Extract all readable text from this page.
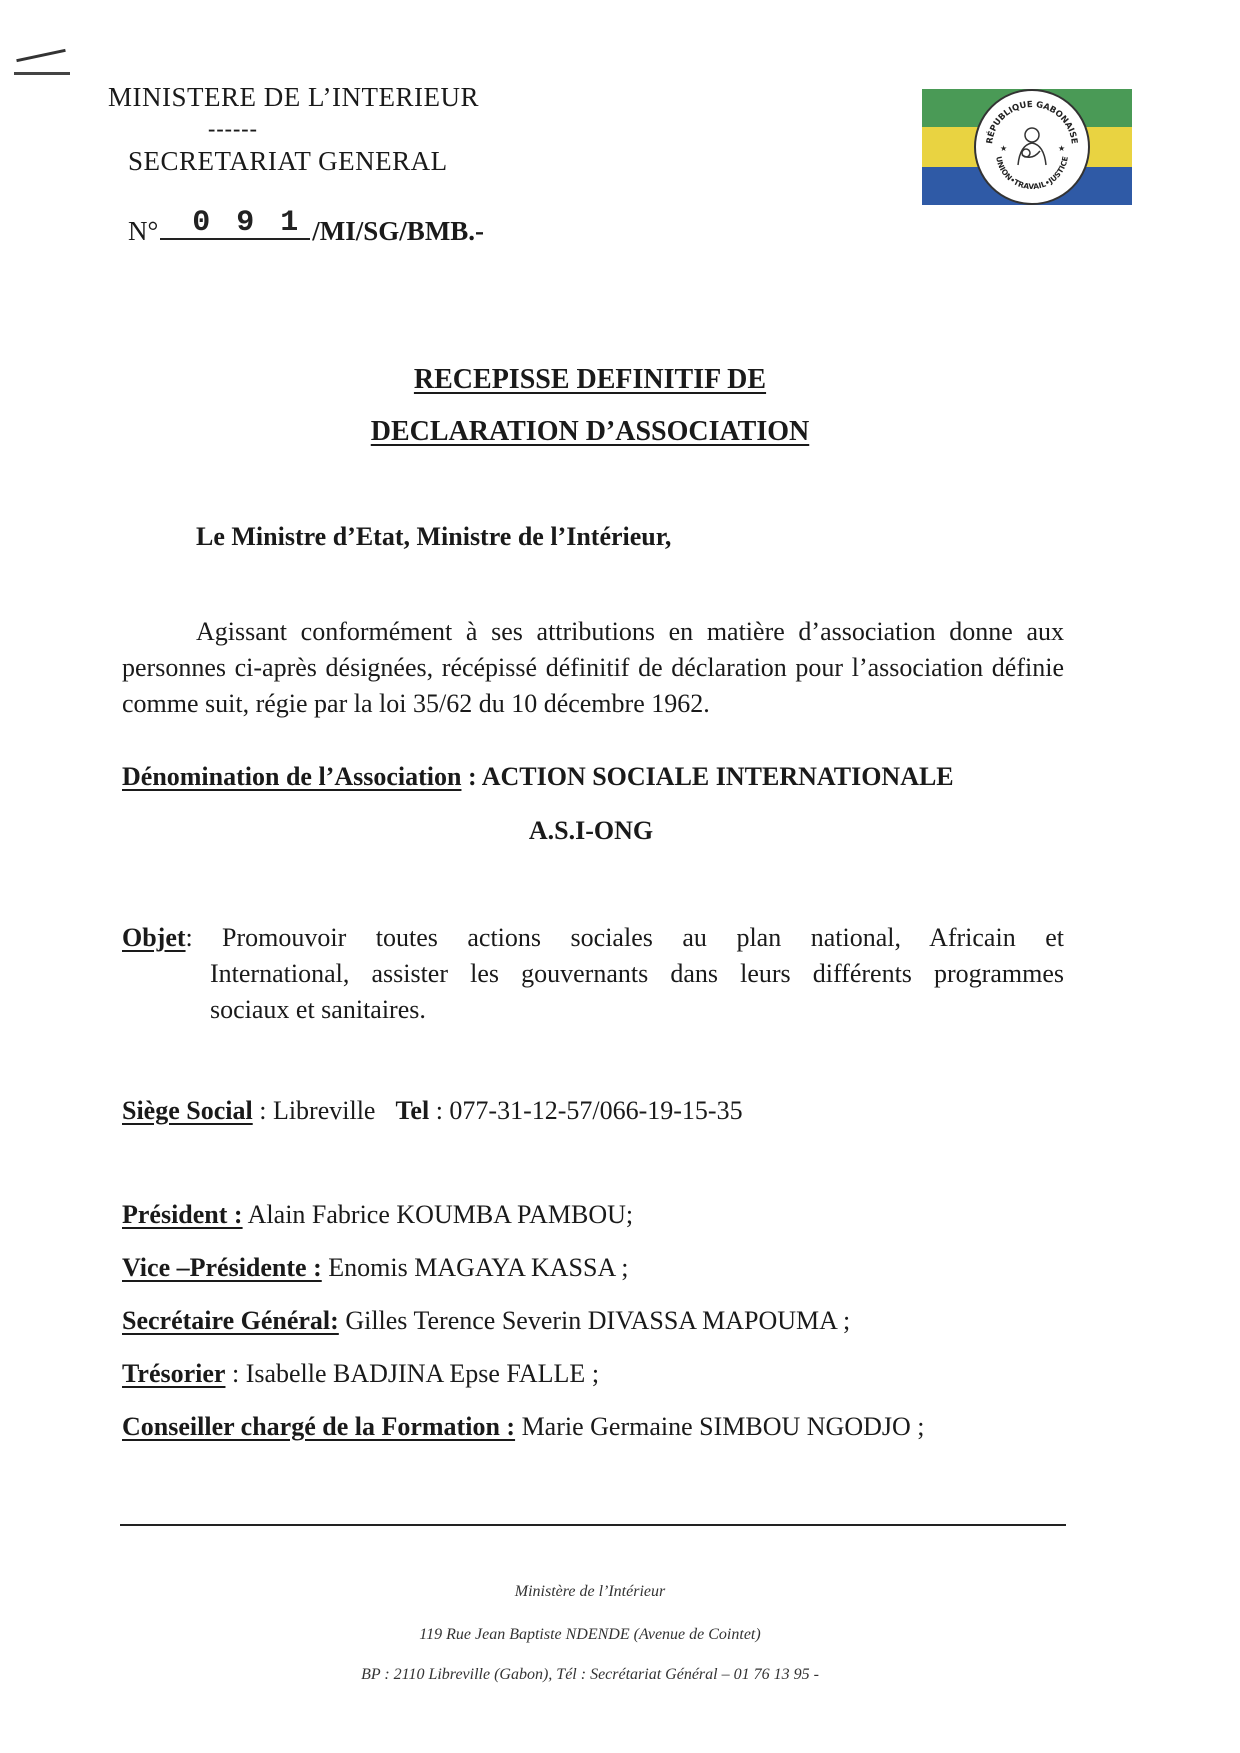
MINISTERE DE L’INTERIEUR
------
SECRETARIAT GENERAL
N° 0 9 1 /MI/SG/BMB.-
RÉPUBLIQUE GABONAISE
UNION•TRAVAIL•JUSTICE
★	★
RECEPISSE DEFINITIF DE
DECLARATION D’ASSOCIATION
Le Ministre d’Etat, Ministre de l’Intérieur,
Agissant conformément à ses attributions en matière d’association donne aux personnes ci-après désignées, récépissé définitif de déclaration pour l’association définie comme suit, régie par la loi 35/62 du 10 décembre 1962.
Dénomination de l’Association : ACTION SOCIALE INTERNATIONALE
A.S.I-ONG
Objet: Promouvoir toutes actions sociales au plan national, Africain et
International, assister les gouvernants dans leurs différents programmes
sociaux et sanitaires.
Siège Social : Libreville Tel : 077-31-12-57/066-19-15-35
Président : Alain Fabrice KOUMBA PAMBOU;
Vice –Présidente : Enomis MAGAYA KASSA ;
Secrétaire Général: Gilles Terence Severin DIVASSA MAPOUMA ;
Trésorier : Isabelle BADJINA Epse FALLE ;
Conseiller chargé de la Formation : Marie Germaine SIMBOU NGODJO ;
Ministère de l’Intérieur
119 Rue Jean Baptiste NDENDE (Avenue de Cointet)
BP : 2110 Libreville (Gabon), Tél : Secrétariat Général – 01 76 13 95 -
